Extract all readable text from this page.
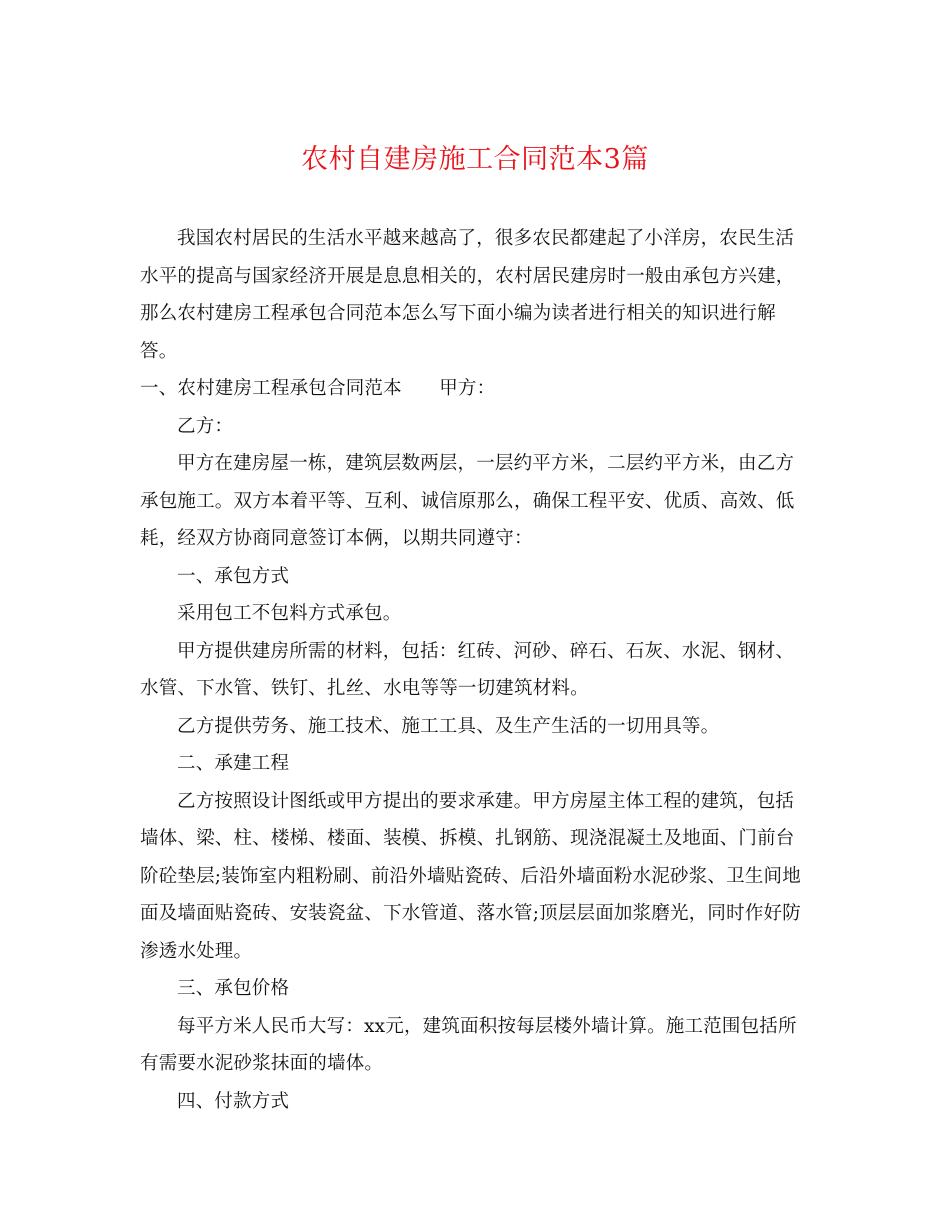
农村自建房施工合同范本3篇

我国农村居民的生活水平越来越高了，很多农民都建起了小洋房，农民生活水平的提高与国家经济开展是息息相关的，农村居民建房时一般由承包方兴建，那么农村建房工程承包合同范本怎么写下面小编为读者进行相关的知识进行解答。

一、农村建房工程承包合同范本　　甲方：

乙方：

甲方在建房屋一栋，建筑层数两层，一层约平方米，二层约平方米，由乙方承包施工。双方本着平等、互利、诚信原那么，确保工程平安、优质、高效、低耗，经双方协商同意签订本俩，以期共同遵守：

一、承包方式

采用包工不包料方式承包。

甲方提供建房所需的材料，包括：红砖、河砂、碎石、石灰、水泥、钢材、水管、下水管、铁钉、扎丝、水电等等一切建筑材料。

乙方提供劳务、施工技术、施工工具、及生产生活的一切用具等。

二、承建工程

乙方按照设计图纸或甲方提出的要求承建。甲方房屋主体工程的建筑，包括墙体、梁、柱、楼梯、楼面、装模、拆模、扎钢筋、现浇混凝土及地面、门前台阶砼垫层;装饰室内粗粉刷、前沿外墙贴瓷砖、后沿外墙面粉水泥砂浆、卫生间地面及墙面贴瓷砖、安装瓷盆、下水管道、落水管;顶层层面加浆磨光，同时作好防渗透水处理。

三、承包价格

每平方米人民币大写：xx元，建筑面积按每层楼外墙计算。施工范围包括所有需要水泥砂浆抹面的墙体。

四、付款方式
